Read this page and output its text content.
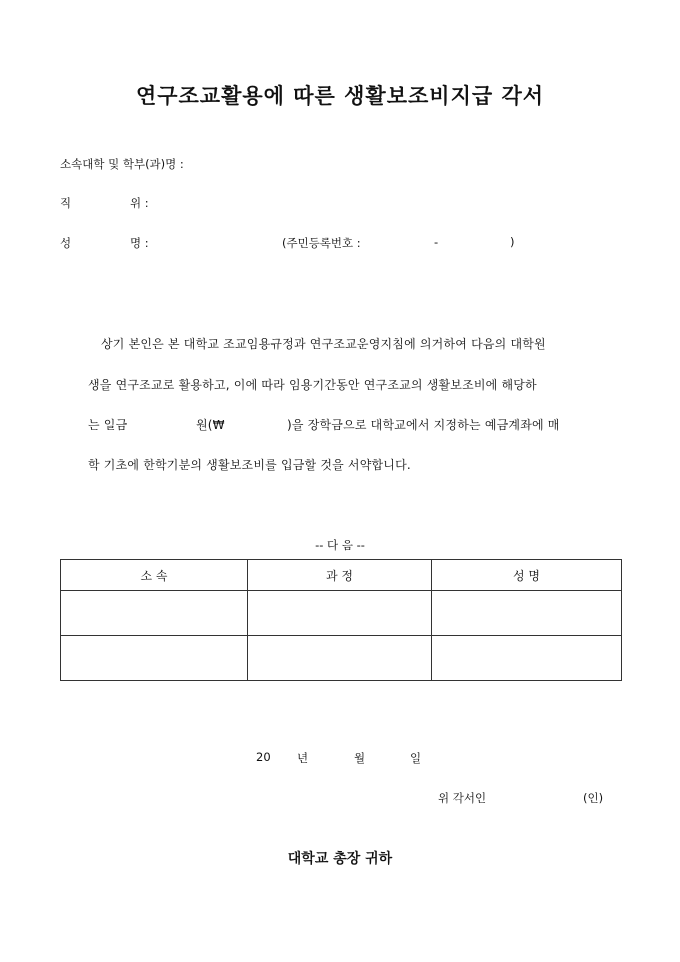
연구조교활용에 따른 생활보조비지급 각서
소속대학 및 학부(과)명 :
직	위 :
성	명 :	(주민등록번호 :	-	)
상기 본인은 본 대학교 조교임용규정과 연구조교운영지침에 의거하여 다음의 대학원
생을 연구조교로 활용하고, 이에 따라 임용기간동안 연구조교의 생활보조비에 해당하
는 일금	원(₩	)을 장학금으로 대학교에서 지정하는 예금계좌에 매
학 기초에 한학기분의 생활보조비를 입금할 것을 서약합니다.
-- 다 음 --
소 속	과 정	성 명

20 년	월	일
위 각서인	(인)
대학교 총장 귀하
